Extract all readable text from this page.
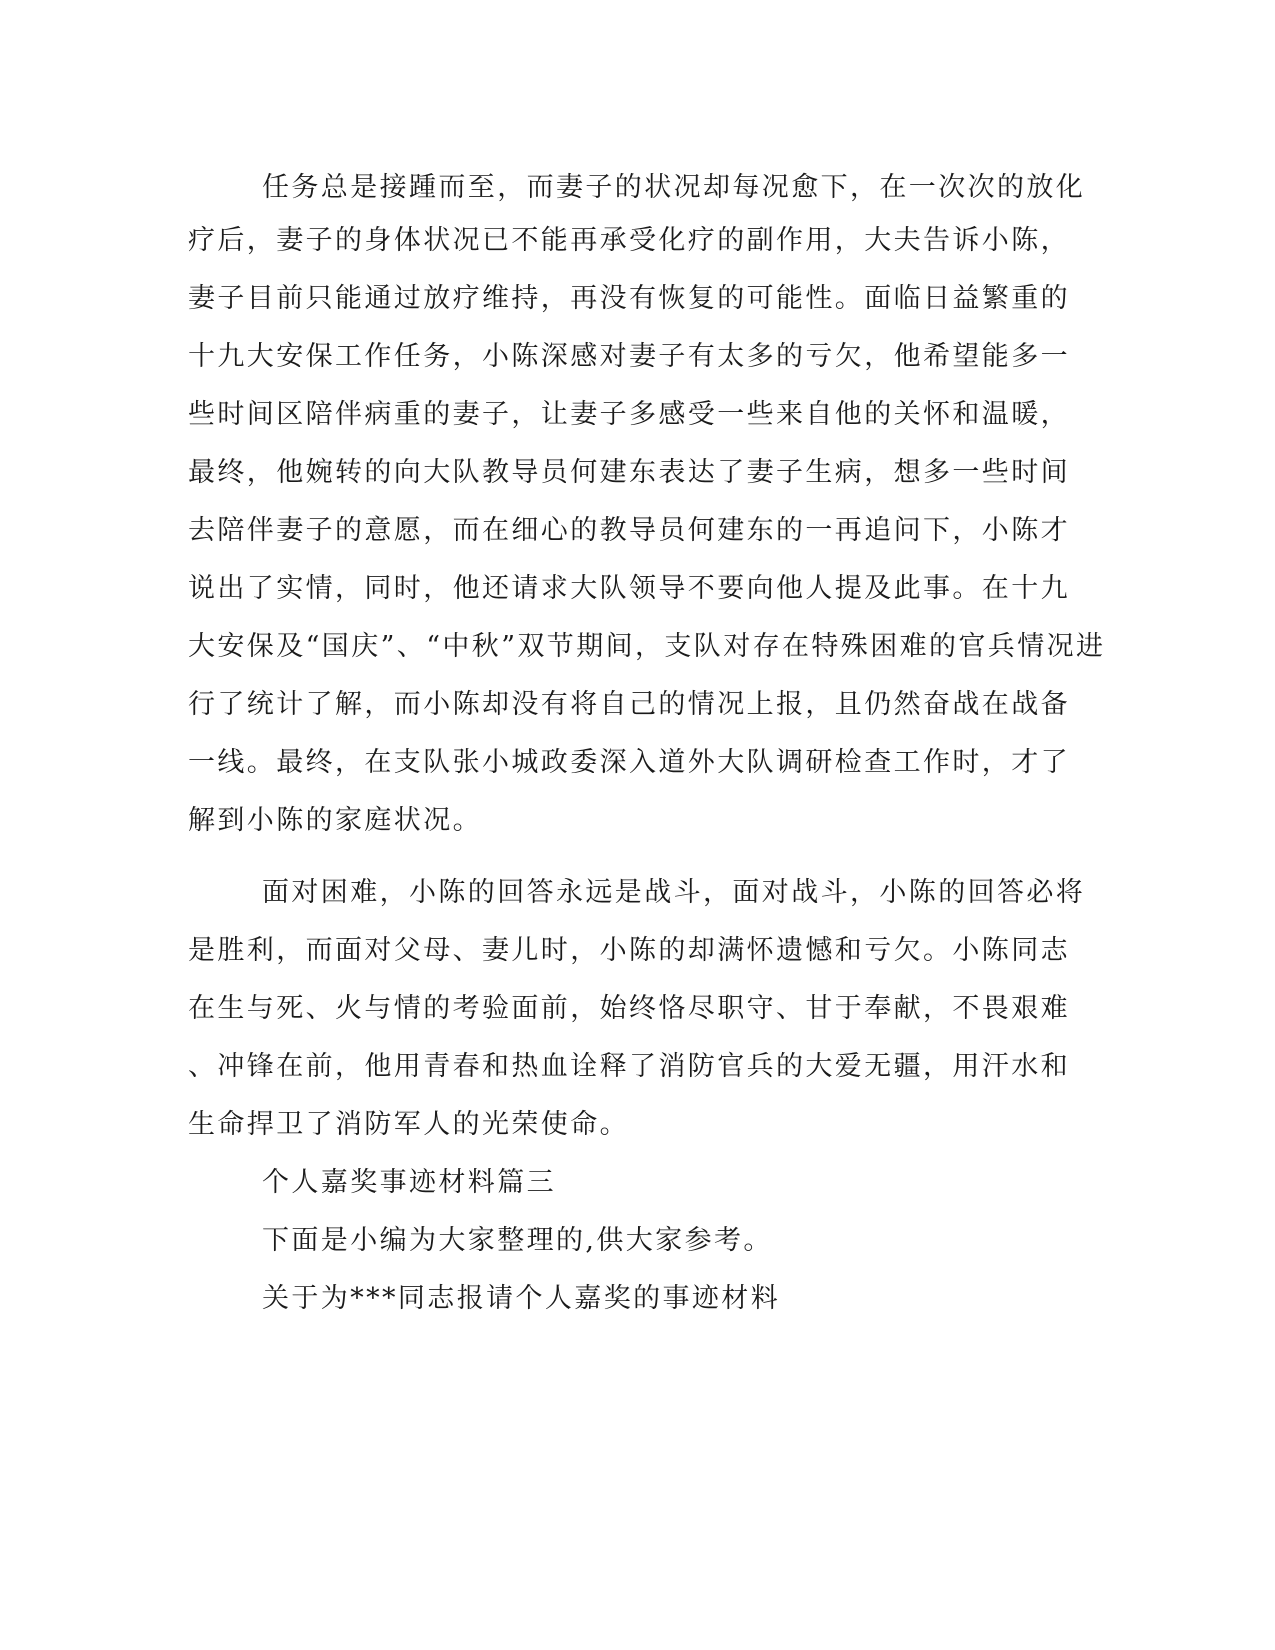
任务总是接踵而至，而妻子的状况却每况愈下，在一次次的放化

疗后，妻子的身体状况已不能再承受化疗的副作用，大夫告诉小陈，

妻子目前只能通过放疗维持，再没有恢复的可能性。面临日益繁重的

十九大安保工作任务，小陈深感对妻子有太多的亏欠，他希望能多一

些时间区陪伴病重的妻子，让妻子多感受一些来自他的关怀和温暖，

最终，他婉转的向大队教导员何建东表达了妻子生病，想多一些时间

去陪伴妻子的意愿，而在细心的教导员何建东的一再追问下，小陈才

说出了实情，同时，他还请求大队领导不要向他人提及此事。在十九

大安保及“国庆”、“中秋”双节期间，支队对存在特殊困难的官兵情况进

行了统计了解，而小陈却没有将自己的情况上报，且仍然奋战在战备

一线。最终，在支队张小城政委深入道外大队调研检查工作时，才了

解到小陈的家庭状况。

面对困难，小陈的回答永远是战斗，面对战斗，小陈的回答必将

是胜利，而面对父母、妻儿时，小陈的却满怀遗憾和亏欠。小陈同志

在生与死、火与情的考验面前，始终恪尽职守、甘于奉献，不畏艰难

、冲锋在前，他用青春和热血诠释了消防官兵的大爱无疆，用汗水和

生命捍卫了消防军人的光荣使命。

个人嘉奖事迹材料篇三

下面是小编为大家整理的,供大家参考。

关于为***同志报请个人嘉奖的事迹材料
